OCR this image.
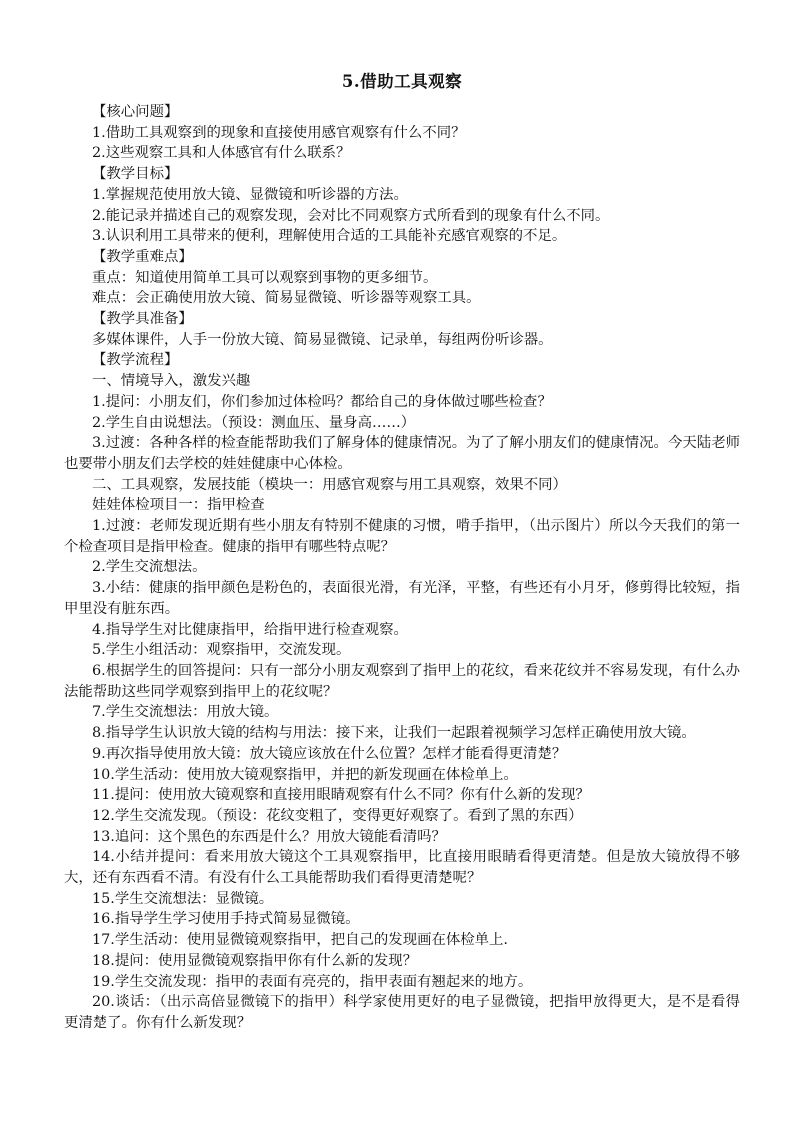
5.借助工具观察
【核心问题】
1.借助工具观察到的现象和直接使用感官观察有什么不同？
2.这些观察工具和人体感官有什么联系？
【教学目标】
1.掌握规范使用放大镜、显微镜和听诊器的方法。
2.能记录并描述自己的观察发现，会对比不同观察方式所看到的现象有什么不同。
3.认识利用工具带来的便利，理解使用合适的工具能补充感官观察的不足。
【教学重难点】
重点：知道使用简单工具可以观察到事物的更多细节。
难点：会正确使用放大镜、简易显微镜、听诊器等观察工具。
【教学具准备】
多媒体课件，人手一份放大镜、简易显微镜、记录单，每组两份听诊器。
【教学流程】
一、情境导入，激发兴趣
1.提问：小朋友们，你们参加过体检吗？都给自己的身体做过哪些检查？
2.学生自由说想法。（预设：测血压、量身高……）
3.过渡：各种各样的检查能帮助我们了解身体的健康情况。为了了解小朋友们的健康情况。今天陆老师也要带小朋友们去学校的娃娃健康中心体检。
二、工具观察，发展技能（模块一：用感官观察与用工具观察，效果不同）
娃娃体检项目一：指甲检查
1.过渡：老师发现近期有些小朋友有特别不健康的习惯，啃手指甲，（出示图片）所以今天我们的第一个检查项目是指甲检查。健康的指甲有哪些特点呢？
2.学生交流想法。
3.小结：健康的指甲颜色是粉色的，表面很光滑，有光泽，平整，有些还有小月牙，修剪得比较短，指甲里没有脏东西。
4.指导学生对比健康指甲，给指甲进行检查观察。
5.学生小组活动：观察指甲，交流发现。
6.根据学生的回答提问：只有一部分小朋友观察到了指甲上的花纹，看来花纹并不容易发现，有什么办法能帮助这些同学观察到指甲上的花纹呢？
7.学生交流想法：用放大镜。
8.指导学生认识放大镜的结构与用法：接下来，让我们一起跟着视频学习怎样正确使用放大镜。
9.再次指导使用放大镜：放大镜应该放在什么位置？怎样才能看得更清楚？
10.学生活动：使用放大镜观察指甲，并把的新发现画在体检单上。
11.提问：使用放大镜观察和直接用眼睛观察有什么不同？你有什么新的发现？
12.学生交流发现。（预设：花纹变粗了，变得更好观察了。看到了黑的东西）
13.追问：这个黑色的东西是什么？用放大镜能看清吗？
14.小结并提问：看来用放大镜这个工具观察指甲，比直接用眼睛看得更清楚。但是放大镜放得不够大，还有东西看不清。有没有什么工具能帮助我们看得更清楚呢？
15.学生交流想法：显微镜。
16.指导学生学习使用手持式简易显微镜。
17.学生活动：使用显微镜观察指甲，把自己的发现画在体检单上.
18.提问：使用显微镜观察指甲你有什么新的发现？
19.学生交流发现：指甲的表面有亮亮的，指甲表面有翘起来的地方。
20.谈话：（出示高倍显微镜下的指甲）科学家使用更好的电子显微镜，把指甲放得更大，是不是看得更清楚了。你有什么新发现？
